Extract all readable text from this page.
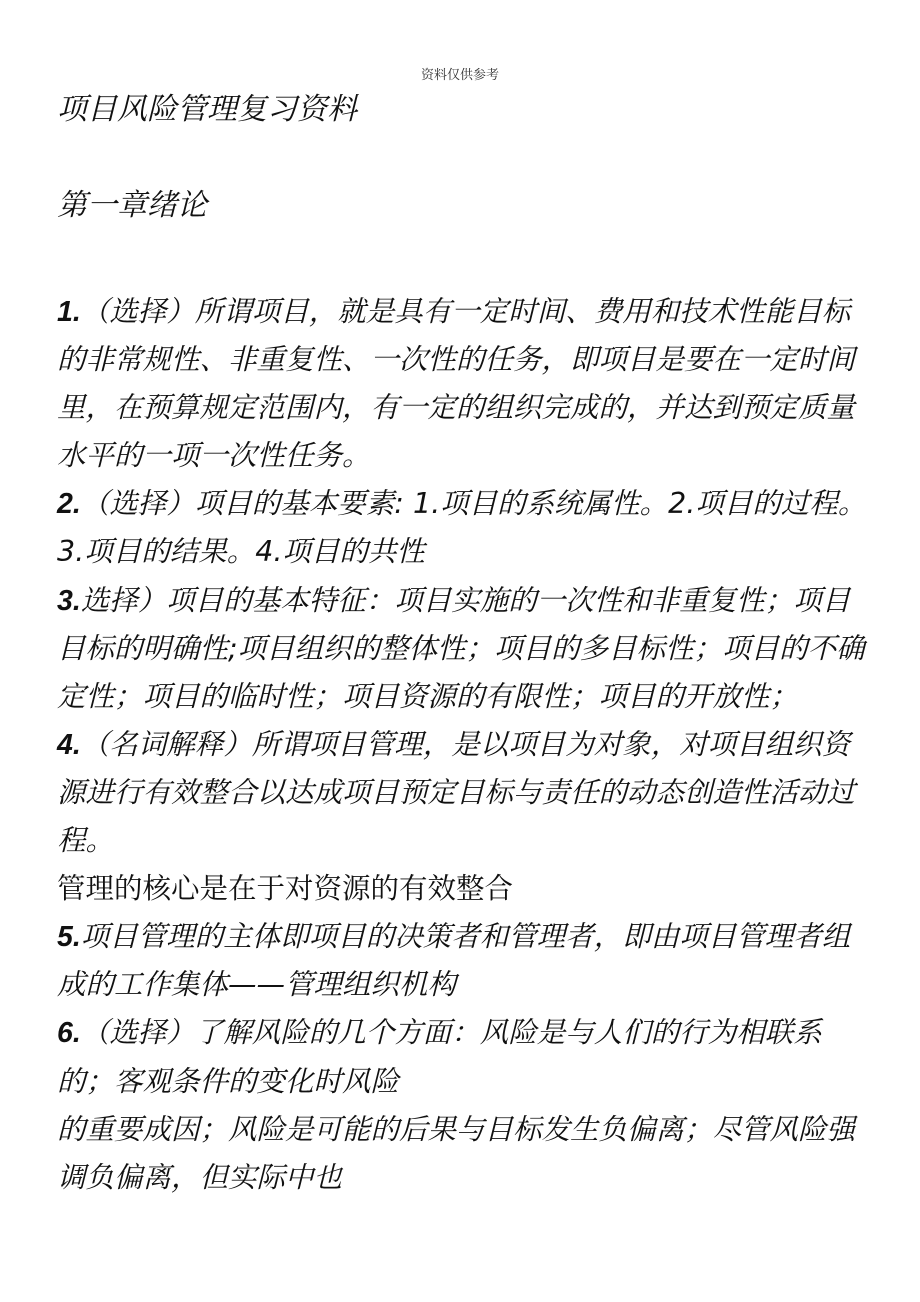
资料仅供参考
项目风险管理复习资料
第一章绪论

1.（选择）所谓项目，就是具有一定时间、费用和技术性能目标的非常规性、非重复性、一次性的任务，即项目是要在一定时间里，在预算规定范围内，有一定的组织完成的，并达到预定质量水平的一项一次性任务。

2.（选择）项目的基本要素: 1.项目的系统属性。2.项目的过程。3.项目的结果。4.项目的共性

3.选择）项目的基本特征：项目实施的一次性和非重复性；项目目标的明确性;项目组织的整体性；项目的多目标性；项目的不确定性；项目的临时性；项目资源的有限性；项目的开放性；

4.（名词解释）所谓项目管理，是以项目为对象，对项目组织资源进行有效整合以达成项目预定目标与责任的动态创造性活动过程。

管理的核心是在于对资源的有效整合

5.项目管理的主体即项目的决策者和管理者，即由项目管理者组成的工作集体——管理组织机构

6.（选择）了解风险的几个方面：风险是与人们的行为相联系的；客观条件的变化时风险

的重要成因；风险是可能的后果与目标发生负偏离；尽管风险强调负偏离，但实际中也
